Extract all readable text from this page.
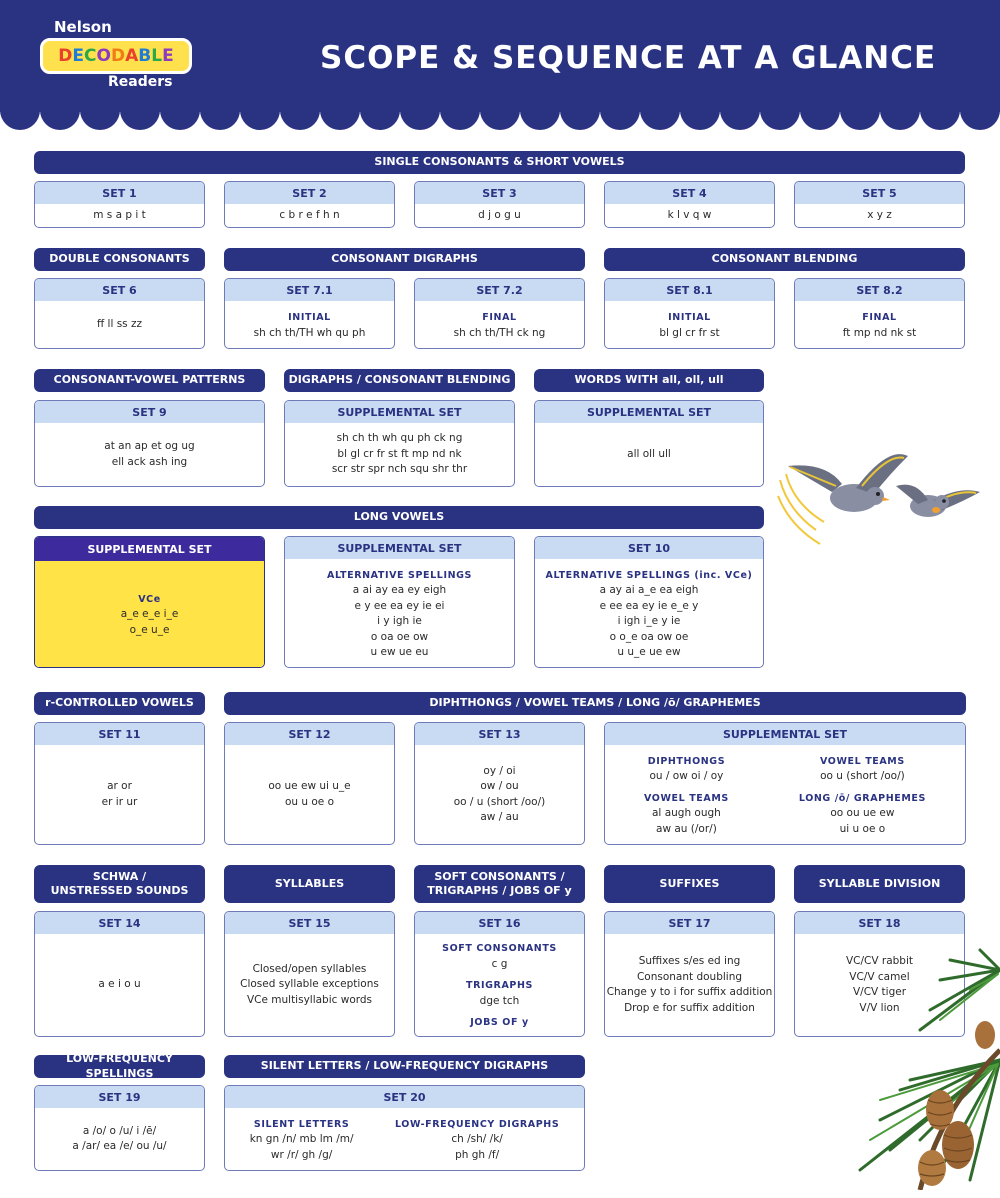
Nelson
DECODABLE
Readers
SCOPE & SEQUENCE AT A GLANCE
SINGLE CONSONANTS & SHORT VOWELS
SET 1
m s a p i t
SET 2
c b r e f h n
SET 3
d j o g u
SET 4
k l v q w
SET 5
x y z
DOUBLE CONSONANTS	CONSONANT DIGRAPHS	CONSONANT BLENDING
SET 6
ff ll ss zz
SET 7.1
INITIAL
sh ch th/TH wh qu ph
SET 7.2
FINAL
sh ch th/TH ck ng
SET 8.1
INITIAL
bl gl cr fr st
SET 8.2
FINAL
ft mp nd nk st
CONSONANT-VOWEL PATTERNS	DIGRAPHS / CONSONANT BLENDING	WORDS WITH all, oll, ull
SET 9
at an ap et og ug
ell ack ash ing
SUPPLEMENTAL SET
sh ch th wh qu ph ck ng
bl gl cr fr st ft mp nd nk
scr str spr nch squ shr thr
SUPPLEMENTAL SET
all oll ull
LONG VOWELS
SUPPLEMENTAL SET
VCe
a_e e_e i_e
o_e u_e
SUPPLEMENTAL SET
ALTERNATIVE SPELLINGS
a ai ay ea ey eigh
e y ee ea ey ie ei
i y igh ie
o oa oe ow
u ew ue eu
SET 10
ALTERNATIVE SPELLINGS (inc. VCe)
a ay ai a_e ea eigh
e ee ea ey ie e_e y
i igh i_e y ie
o o_e oa ow oe
u u_e ue ew
r-CONTROLLED VOWELS	DIPHTHONGS / VOWEL TEAMS / LONG /ō/ GRAPHEMES
SET 11
ar or
er ir ur
SET 12
oo ue ew ui u_e
ou u oe o
SET 13
oy / oi
ow / ou
oo / u (short /oo/)
aw / au
SUPPLEMENTAL SET
DIPHTHONGS
ou / ow oi / oy
VOWEL TEAMS
al augh ough
aw au (/or/)
VOWEL TEAMS
oo u (short /oo/)
LONG /ō/ GRAPHEMES
oo ou ue ew
ui u oe o
SCHWA /
UNSTRESSED SOUNDS
SYLLABLES
SOFT CONSONANTS /
TRIGRAPHS / JOBS OF y
SUFFIXES	SYLLABLE DIVISION
SET 14
a e i o u
SET 15
Closed/open syllables
Closed syllable exceptions
VCe multisyllabic words
SET 16
SOFT CONSONANTS
c g
TRIGRAPHS
dge tch
JOBS OF y
SET 17
Suffixes s/es ed ing
Consonant doubling
Change y to i for suffix addition
Drop e for suffix addition
SET 18
VC/CV rabbit
VC/V camel
V/CV tiger
V/V lion
LOW-FREQUENCY SPELLINGS
SILENT LETTERS / LOW-FREQUENCY DIGRAPHS
SET 19
a /o/ o /u/ i /ē/
a /ar/ ea /e/ ou /u/
SET 20
SILENT LETTERS
kn gn /n/ mb lm /m/
wr /r/ gh /g/
LOW-FREQUENCY DIGRAPHS
ch /sh/ /k/
ph gh /f/
